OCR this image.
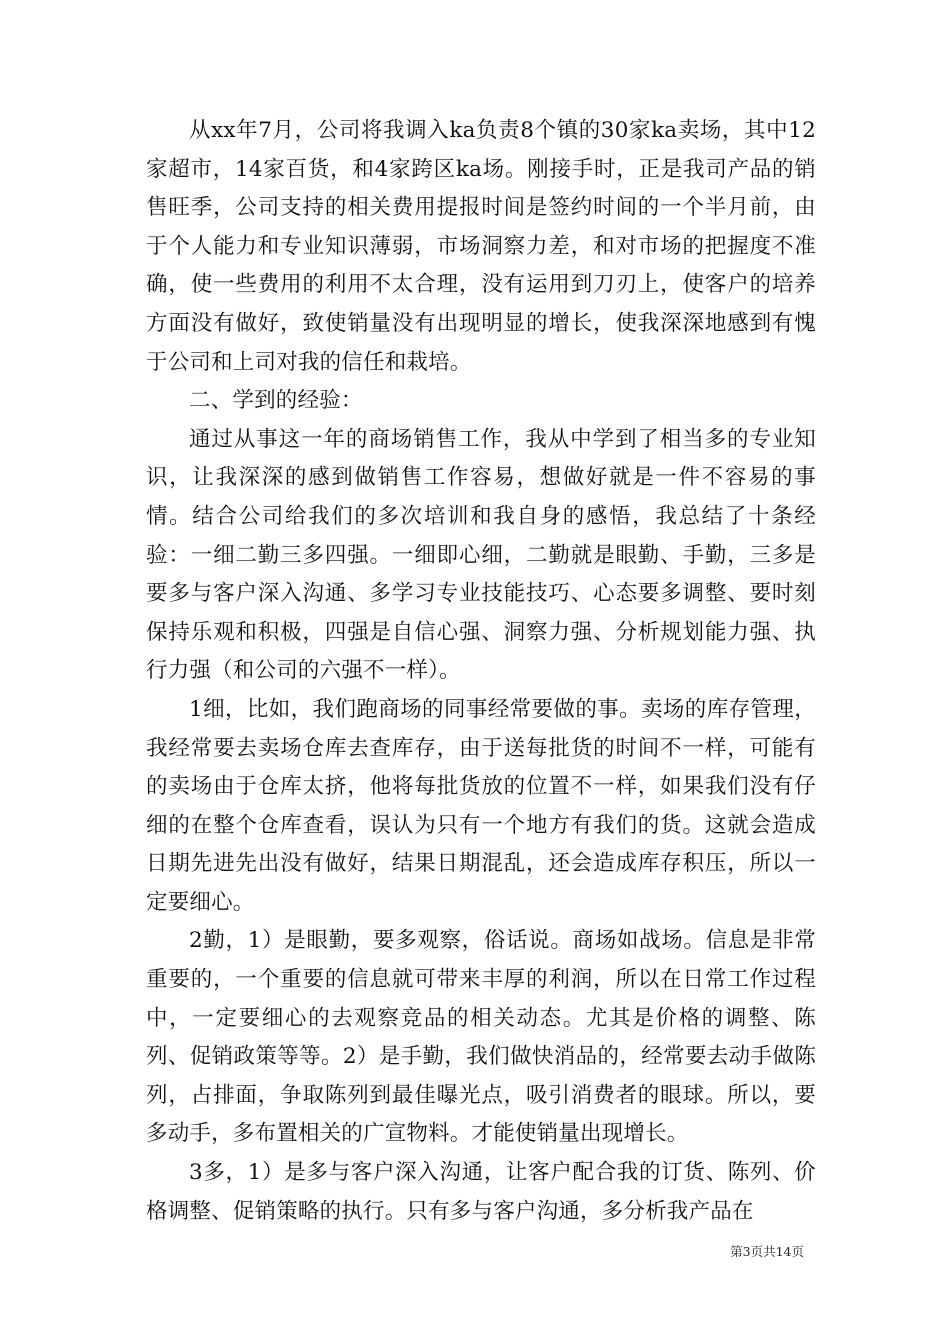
从xx年7月，公司将我调入ka负责8个镇的30家ka卖场，其中12家超市，14家百货，和4家跨区ka场。刚接手时，正是我司产品的销售旺季，公司支持的相关费用提报时间是签约时间的一个半月前，由于个人能力和专业知识薄弱，市场洞察力差，和对市场的把握度不准确，使一些费用的利用不太合理，没有运用到刀刃上，使客户的培养方面没有做好，致使销量没有出现明显的增长，使我深深地感到有愧于公司和上司对我的信任和栽培。

二、学到的经验：

通过从事这一年的商场销售工作，我从中学到了相当多的专业知识，让我深深的感到做销售工作容易，想做好就是一件不容易的事情。结合公司给我们的多次培训和我自身的感悟，我总结了十条经验：一细二勤三多四强。一细即心细，二勤就是眼勤、手勤，三多是要多与客户深入沟通、多学习专业技能技巧、心态要多调整、要时刻保持乐观和积极，四强是自信心强、洞察力强、分析规划能力强、执行力强（和公司的六强不一样）。

1细，比如，我们跑商场的同事经常要做的事。卖场的库存管理，我经常要去卖场仓库去查库存，由于送每批货的时间不一样，可能有的卖场由于仓库太挤，他将每批货放的位置不一样，如果我们没有仔细的在整个仓库查看，误认为只有一个地方有我们的货。这就会造成日期先进先出没有做好，结果日期混乱，还会造成库存积压，所以一定要细心。

2勤，1）是眼勤，要多观察，俗话说。商场如战场。信息是非常重要的，一个重要的信息就可带来丰厚的利润，所以在日常工作过程中，一定要细心的去观察竞品的相关动态。尤其是价格的调整、陈列、促销政策等等。2）是手勤，我们做快消品的，经常要去动手做陈列，占排面，争取陈列到最佳曝光点，吸引消费者的眼球。所以，要多动手，多布置相关的广宣物料。才能使销量出现增长。

3多，1）是多与客户深入沟通，让客户配合我的订货、陈列、价格调整、促销策略的执行。只有多与客户沟通，多分析我产品在

第3页共14页
